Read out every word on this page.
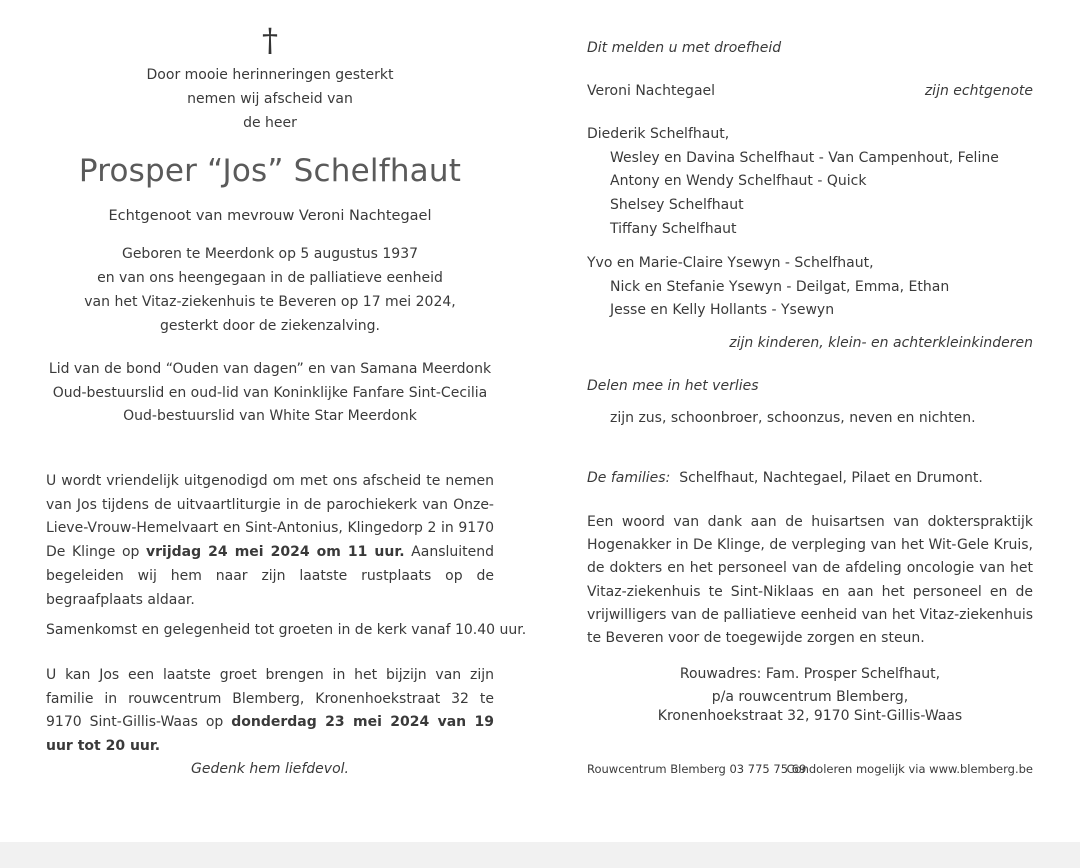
†
Door mooie herinneringen gesterkt
nemen wij afscheid van
de heer
Prosper “Jos” Schelfhaut
Echtgenoot van mevrouw Veroni Nachtegael
Geboren te Meerdonk op 5 augustus 1937
en van ons heengegaan in de palliatieve eenheid
van het Vitaz-ziekenhuis te Beveren op 17 mei 2024,
gesterkt door de ziekenzalving.
Lid van de bond “Ouden van dagen” en van Samana Meerdonk
Oud-bestuurslid en oud-lid van Koninklijke Fanfare Sint-Cecilia
Oud-bestuurslid van White Star Meerdonk
U wordt vriendelijk uitgenodigd om met ons afscheid te nemen van Jos tijdens de uitvaartliturgie in de parochiekerk van Onze-Lieve-Vrouw-Hemelvaart en Sint-Antonius, Klingedorp 2 in 9170 De Klinge op vrijdag 24 mei 2024 om 11 uur. Aansluitend begeleiden wij hem naar zijn laatste rustplaats op de begraafplaats aldaar.
Samenkomst en gelegenheid tot groeten in de kerk vanaf 10.40 uur.
U kan Jos een laatste groet brengen in het bijzijn van zijn familie in rouwcentrum Blemberg, Kronenhoekstraat 32 te 9170 Sint-Gillis-Waas op donderdag 23 mei 2024 van 19 uur tot 20 uur.
Gedenk hem liefdevol.
Dit melden u met droefheid
Veroni Nachtegael	zijn echtgenote
Diederik Schelfhaut,
Wesley en Davina Schelfhaut - Van Campenhout, Feline
Antony en Wendy Schelfhaut - Quick
Shelsey Schelfhaut
Tiffany Schelfhaut
Yvo en Marie-Claire Ysewyn - Schelfhaut,
Nick en Stefanie Ysewyn - Deilgat, Emma, Ethan
Jesse en Kelly Hollants - Ysewyn
zijn kinderen, klein- en achterkleinkinderen
Delen mee in het verlies
zijn zus, schoonbroer, schoonzus, neven en nichten.
De families: Schelfhaut, Nachtegael, Pilaet en Drumont.
Een woord van dank aan de huisartsen van dokterspraktijk Hogenakker in De Klinge, de verpleging van het Wit-Gele Kruis, de dokters en het personeel van de afdeling oncologie van het Vitaz-ziekenhuis te Sint-Niklaas en aan het personeel en de vrijwilligers van de palliatieve eenheid van het Vitaz-ziekenhuis te Beveren voor de toegewijde zorgen en steun.
Rouwadres: Fam. Prosper Schelfhaut,
p/a rouwcentrum Blemberg,
Kronenhoekstraat 32, 9170 Sint-Gillis-Waas
Rouwcentrum Blemberg 03 775 75 69
Condoleren mogelijk via www.blemberg.be
